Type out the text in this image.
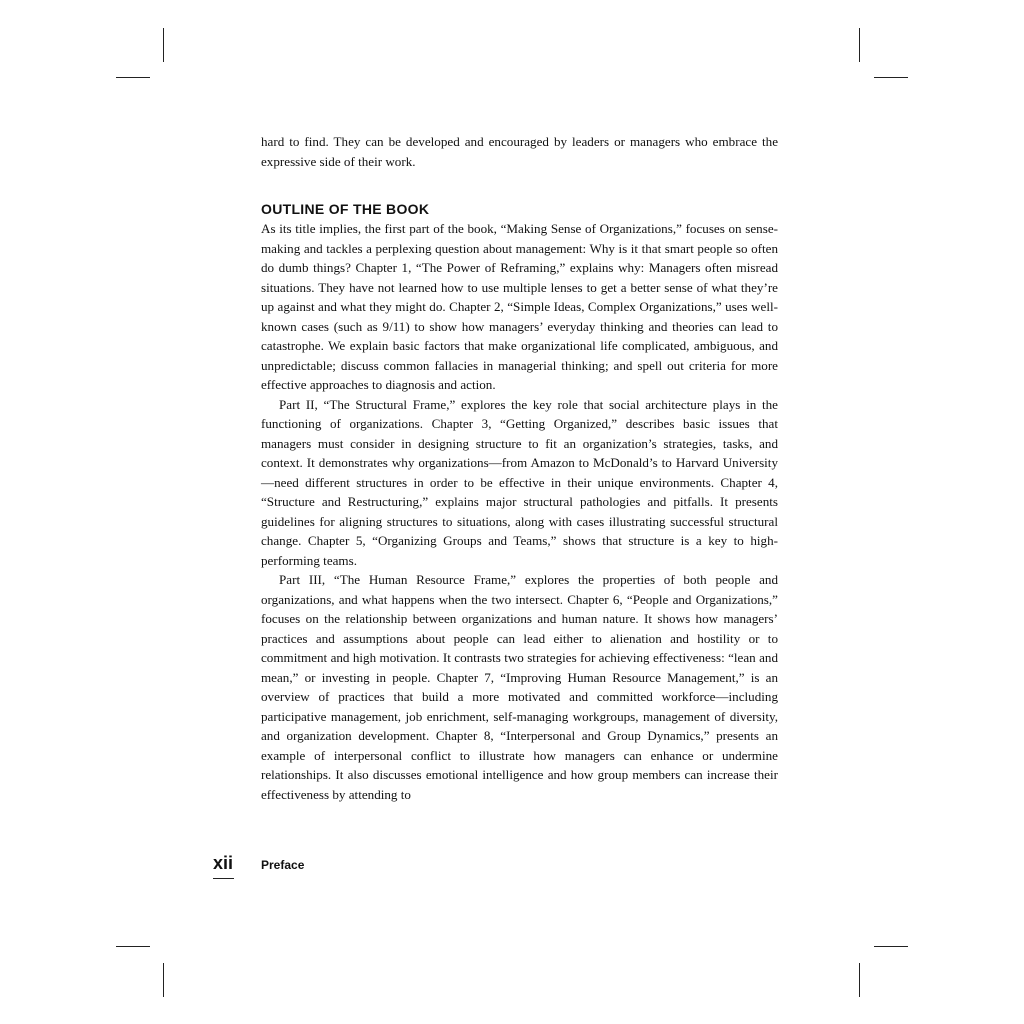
hard to find. They can be developed and encouraged by leaders or managers who embrace the expressive side of their work.

OUTLINE OF THE BOOK

As its title implies, the first part of the book, “Making Sense of Organizations,” focuses on sense-making and tackles a perplexing question about management: Why is it that smart people so often do dumb things? Chapter 1, “The Power of Reframing,” explains why: Managers often misread situations. They have not learned how to use multiple lenses to get a better sense of what they’re up against and what they might do. Chapter 2, “Simple Ideas, Complex Organizations,” uses well-known cases (such as 9/11) to show how managers’ everyday thinking and theories can lead to catastrophe. We explain basic factors that make organizational life complicated, ambiguous, and unpredictable; discuss common fallacies in managerial thinking; and spell out criteria for more effective approaches to diagnosis and action.

Part II, “The Structural Frame,” explores the key role that social architecture plays in the functioning of organizations. Chapter 3, “Getting Organized,” describes basic issues that managers must consider in designing structure to fit an organization’s strategies, tasks, and context. It demonstrates why organizations—from Amazon to McDonald’s to Harvard University—need different structures in order to be effective in their unique environments. Chapter 4, “Structure and Restructuring,” explains major structural pathologies and pitfalls. It presents guidelines for aligning structures to situations, along with cases illustrating successful structural change. Chapter 5, “Organizing Groups and Teams,” shows that structure is a key to high-performing teams.

Part III, “The Human Resource Frame,” explores the properties of both people and organizations, and what happens when the two intersect. Chapter 6, “People and Organizations,” focuses on the relationship between organizations and human nature. It shows how managers’ practices and assumptions about people can lead either to alienation and hostility or to commitment and high motivation. It contrasts two strategies for achieving effectiveness: “lean and mean,” or investing in people. Chapter 7, “Improving Human Resource Management,” is an overview of practices that build a more motivated and committed workforce—including participative management, job enrichment, self-managing workgroups, management of diversity, and organization development. Chapter 8, “Interpersonal and Group Dynamics,” presents an example of interpersonal conflict to illustrate how managers can enhance or undermine relationships. It also discusses emotional intelligence and how group members can increase their effectiveness by attending to

xii Preface
